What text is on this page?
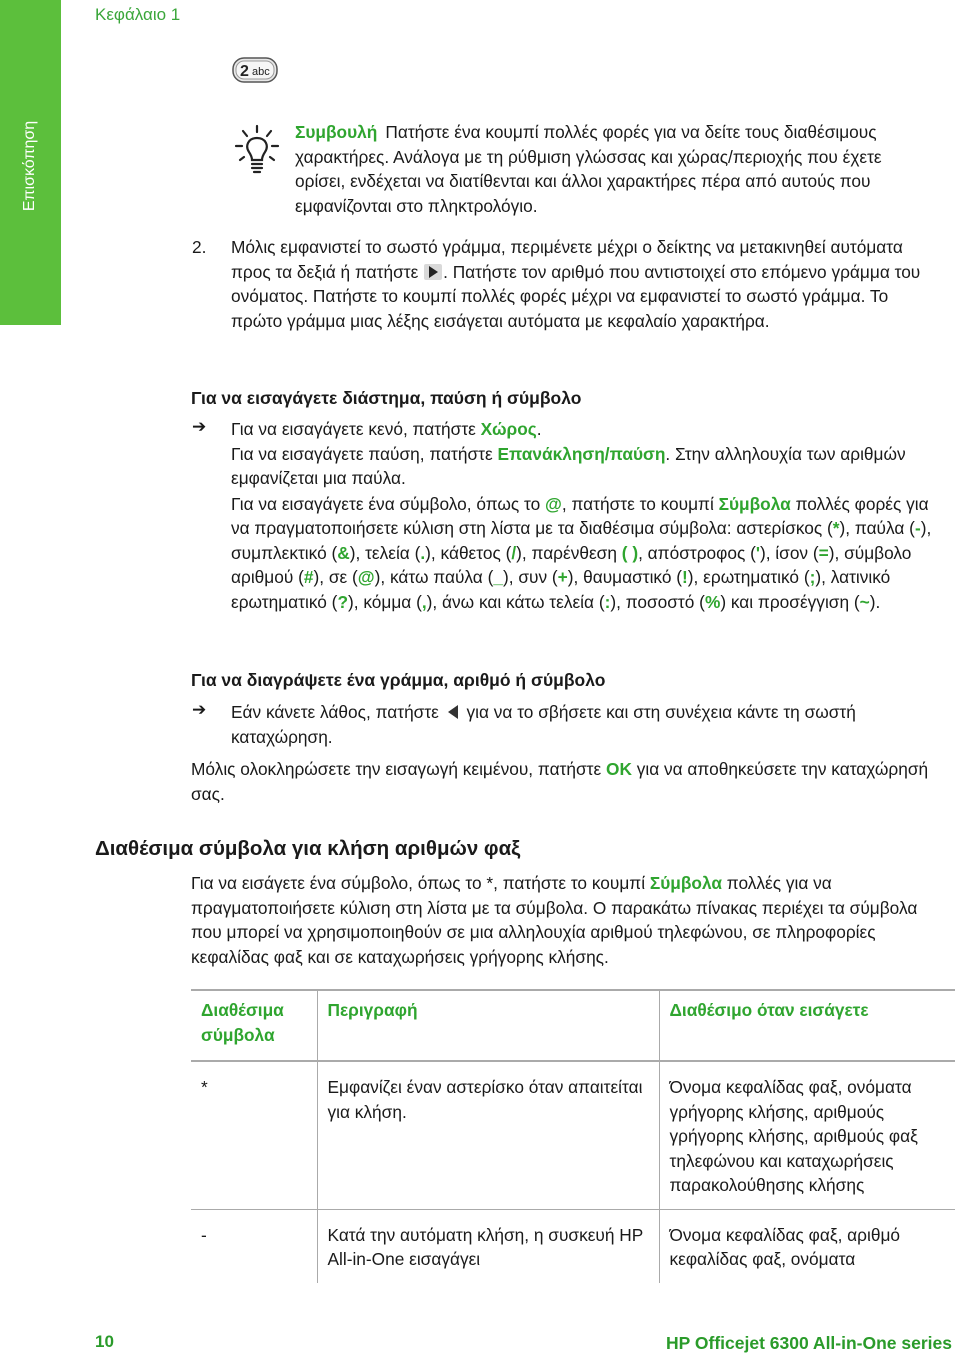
Κεφάλαιο 1
Επισκόπηση
2 abc
Συμβουλή Πατήστε ένα κουμπί πολλές φορές για να δείτε τους διαθέσιμους χαρακτήρες. Ανάλογα με τη ρύθμιση γλώσσας και χώρας/περιοχής που έχετε ορίσει, ενδέχεται να διατίθενται και άλλοι χαρακτήρες πέρα από αυτούς που εμφανίζονται στο πληκτρολόγιο.
2. Μόλις εμφανιστεί το σωστό γράμμα, περιμένετε μέχρι ο δείκτης να μετακινηθεί αυτόματα προς τα δεξιά ή πατήστε . Πατήστε τον αριθμό που αντιστοιχεί στο επόμενο γράμμα του ονόματος. Πατήστε το κουμπί πολλές φορές μέχρι να εμφανιστεί το σωστό γράμμα. Το πρώτο γράμμα μιας λέξης εισάγεται αυτόματα με κεφαλαίο χαρακτήρα.
Για να εισαγάγετε διάστημα, παύση ή σύμβολο
➔ Για να εισαγάγετε κενό, πατήστε Χώρος.

Για να εισαγάγετε παύση, πατήστε Επανάκληση/παύση. Στην αλληλουχία των αριθμών εμφανίζεται μια παύλα.

Για να εισαγάγετε ένα σύμβολο, όπως το @, πατήστε το κουμπί Σύμβολα πολλές φορές για να πραγματοποιήσετε κύλιση στη λίστα με τα διαθέσιμα σύμβολα: αστερίσκος (*), παύλα (-), συμπλεκτικό (&), τελεία (.), κάθετος (/), παρένθεση ( ), απόστροφος ('), ίσον (=), σύμβολο αριθμού (#), σε (@), κάτω παύλα (_), συν (+), θαυμαστικό (!), ερωτηματικό (;), λατινικό ερωτηματικό (?), κόμμα (,), άνω και κάτω τελεία (:), ποσοστό (%) και προσέγγιση (~).

Για να διαγράψετε ένα γράμμα, αριθμό ή σύμβολο
➔ Εάν κάνετε λάθος, πατήστε για να το σβήσετε και στη συνέχεια κάντε τη σωστή καταχώρηση.
Μόλις ολοκληρώσετε την εισαγωγή κειμένου, πατήστε OK για να αποθηκεύσετε την καταχώρησή σας.
Διαθέσιμα σύμβολα για κλήση αριθμών φαξ
Για να εισάγετε ένα σύμβολο, όπως το *, πατήστε το κουμπί Σύμβολα πολλές για να πραγματοποιήσετε κύλιση στη λίστα με τα σύμβολα. Ο παρακάτω πίνακας περιέχει τα σύμβολα που μπορεί να χρησιμοποιηθούν σε μια αλληλουχία αριθμού τηλεφώνου, σε πληροφορίες κεφαλίδας φαξ και σε καταχωρήσεις γρήγορης κλήσης.
Διαθέσιμα σύμβολα	Περιγραφή	Διαθέσιμο όταν εισάγετε
*	Εμφανίζει έναν αστερίσκο όταν απαιτείται για κλήση.	Όνομα κεφαλίδας φαξ, ονόματα γρήγορης κλήσης, αριθμούς γρήγορης κλήσης, αριθμούς φαξ τηλεφώνου και καταχωρήσεις παρακολούθησης κλήσης
-	Κατά την αυτόματη κλήση, η συσκευή HP All-in-One εισαγάγει	Όνομα κεφαλίδας φαξ, αριθμό κεφαλίδας φαξ, ονόματα
10	HP Officejet 6300 All-in-One series
